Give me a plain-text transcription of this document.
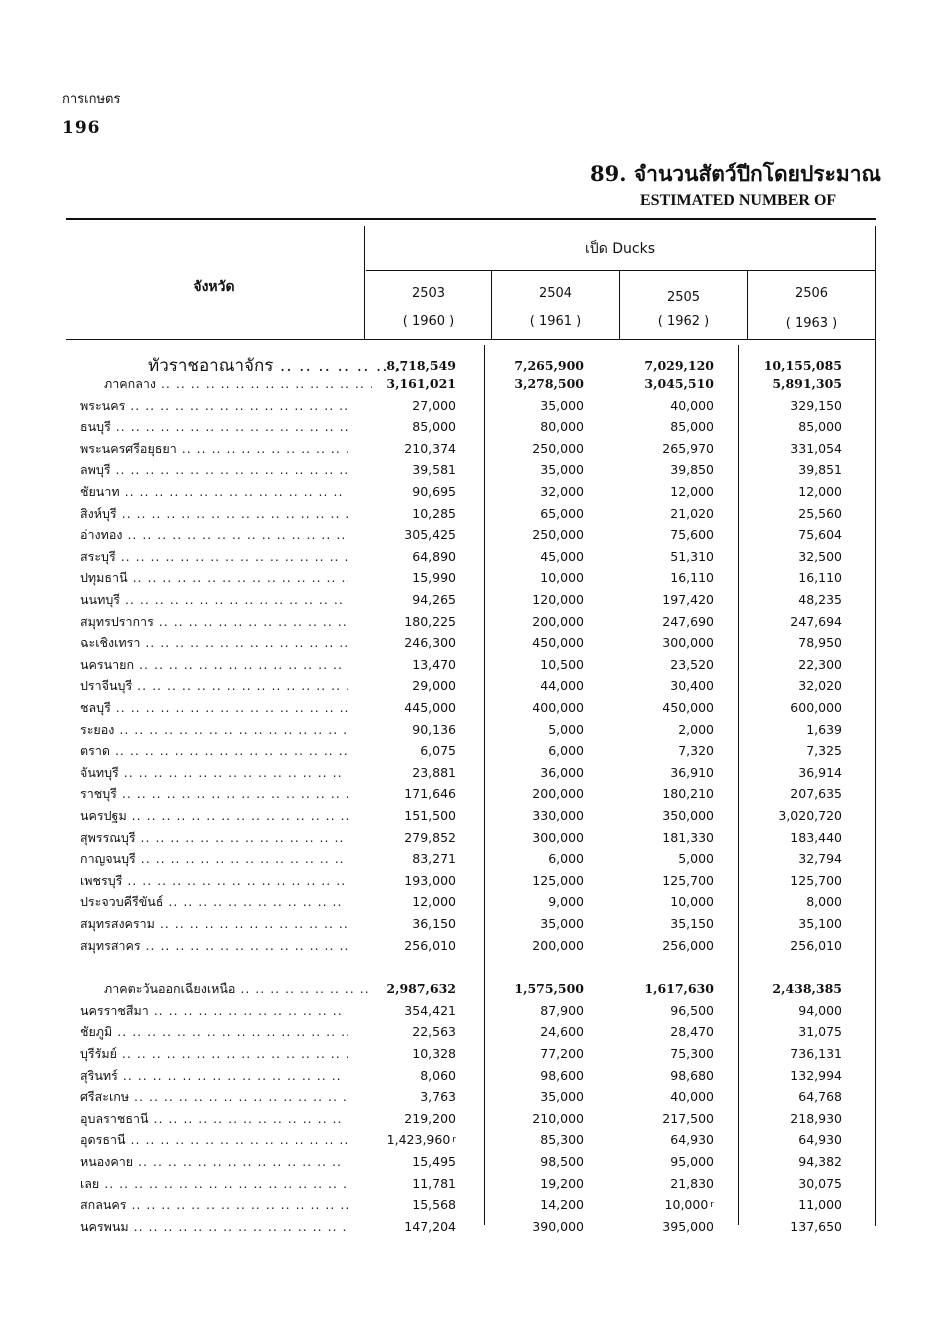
การเกษตร
196
89. จำนวนสัตว์ปีกโดยประมาณ
ESTIMATED NUMBER OF
จังหวัด
เป็ด Ducks
2503	2504	2505	2506
( 1960 )	( 1961 )	( 1962 )	( 1963 )
ทั่วราชอาณาจักร .. ..	8,718,549	7,265,900	7,029,120	10,155,085
ภาคกลาง .. ..	3,161,021	3,278,500	3,045,510	5,891,305
พระนคร .. ..	27,000	35,000	40,000	329,150
ธนบุรี .. ..	85,000	80,000	85,000	85,000
พระนครศรีอยุธยา .. ..	210,374	250,000	265,970	331,054
ลพบุรี .. ..	39,581	35,000	39,850	39,851
ชัยนาท .. ..	90,695	32,000	12,000	12,000
สิงห์บุรี .. ..	10,285	65,000	21,020	25,560
อ่างทอง .. ..	305,425	250,000	75,600	75,604
สระบุรี .. ..	64,890	45,000	51,310	32,500
ปทุมธานี .. ..	15,990	10,000	16,110	16,110
นนทบุรี .. ..	94,265	120,000	197,420	48,235
สมุทรปราการ .. ..	180,225	200,000	247,690	247,694
ฉะเชิงเทรา .. ..	246,300	450,000	300,000	78,950
นครนายก .. ..	13,470	10,500	23,520	22,300
ปราจีนบุรี .. ..	29,000	44,000	30,400	32,020
ชลบุรี .. ..	445,000	400,000	450,000	600,000
ระยอง .. ..	90,136	5,000	2,000	1,639
ตราด .. ..	6,075	6,000	7,320	7,325
จันทบุรี .. ..	23,881	36,000	36,910	36,914
ราชบุรี .. ..	171,646	200,000	180,210	207,635
นครปฐม .. ..	151,500	330,000	350,000	3,020,720
สุพรรณบุรี .. ..	279,852	300,000	181,330	183,440
กาญจนบุรี .. ..	83,271	6,000	5,000	32,794
เพชรบุรี .. ..	193,000	125,000	125,700	125,700
ประจวบคีรีขันธ์ .. ..	12,000	9,000	10,000	8,000
สมุทรสงคราม .. ..	36,150	35,000	35,150	35,100
สมุทรสาคร .. ..	256,010	200,000	256,000	256,010
ภาคตะวันออกเฉียงเหนือ .. ..	2,987,632	1,575,500	1,617,630	2,438,385
นครราชสีมา .. ..	354,421	87,900	96,500	94,000
ชัยภูมิ .. ..	22,563	24,600	28,470	31,075
บุรีรัมย์ .. ..	10,328	77,200	75,300	736,131
สุรินทร์ .. ..	8,060	98,600	98,680	132,994
ศรีสะเกษ .. ..	3,763	35,000	40,000	64,768
อุบลราชธานี .. ..	219,200	210,000	217,500	218,930
อุดรธานี .. ..	1,423,960 $^r$	85,300	64,930	64,930
หนองคาย .. ..	15,495	98,500	95,000	94,382
เลย .. ..	11,781	19,200	21,830	30,075
สกลนคร .. ..	15,568	14,200	10,000 $^r$	11,000
นครพนม .. ..	147,204	390,000	395,000	137,650
